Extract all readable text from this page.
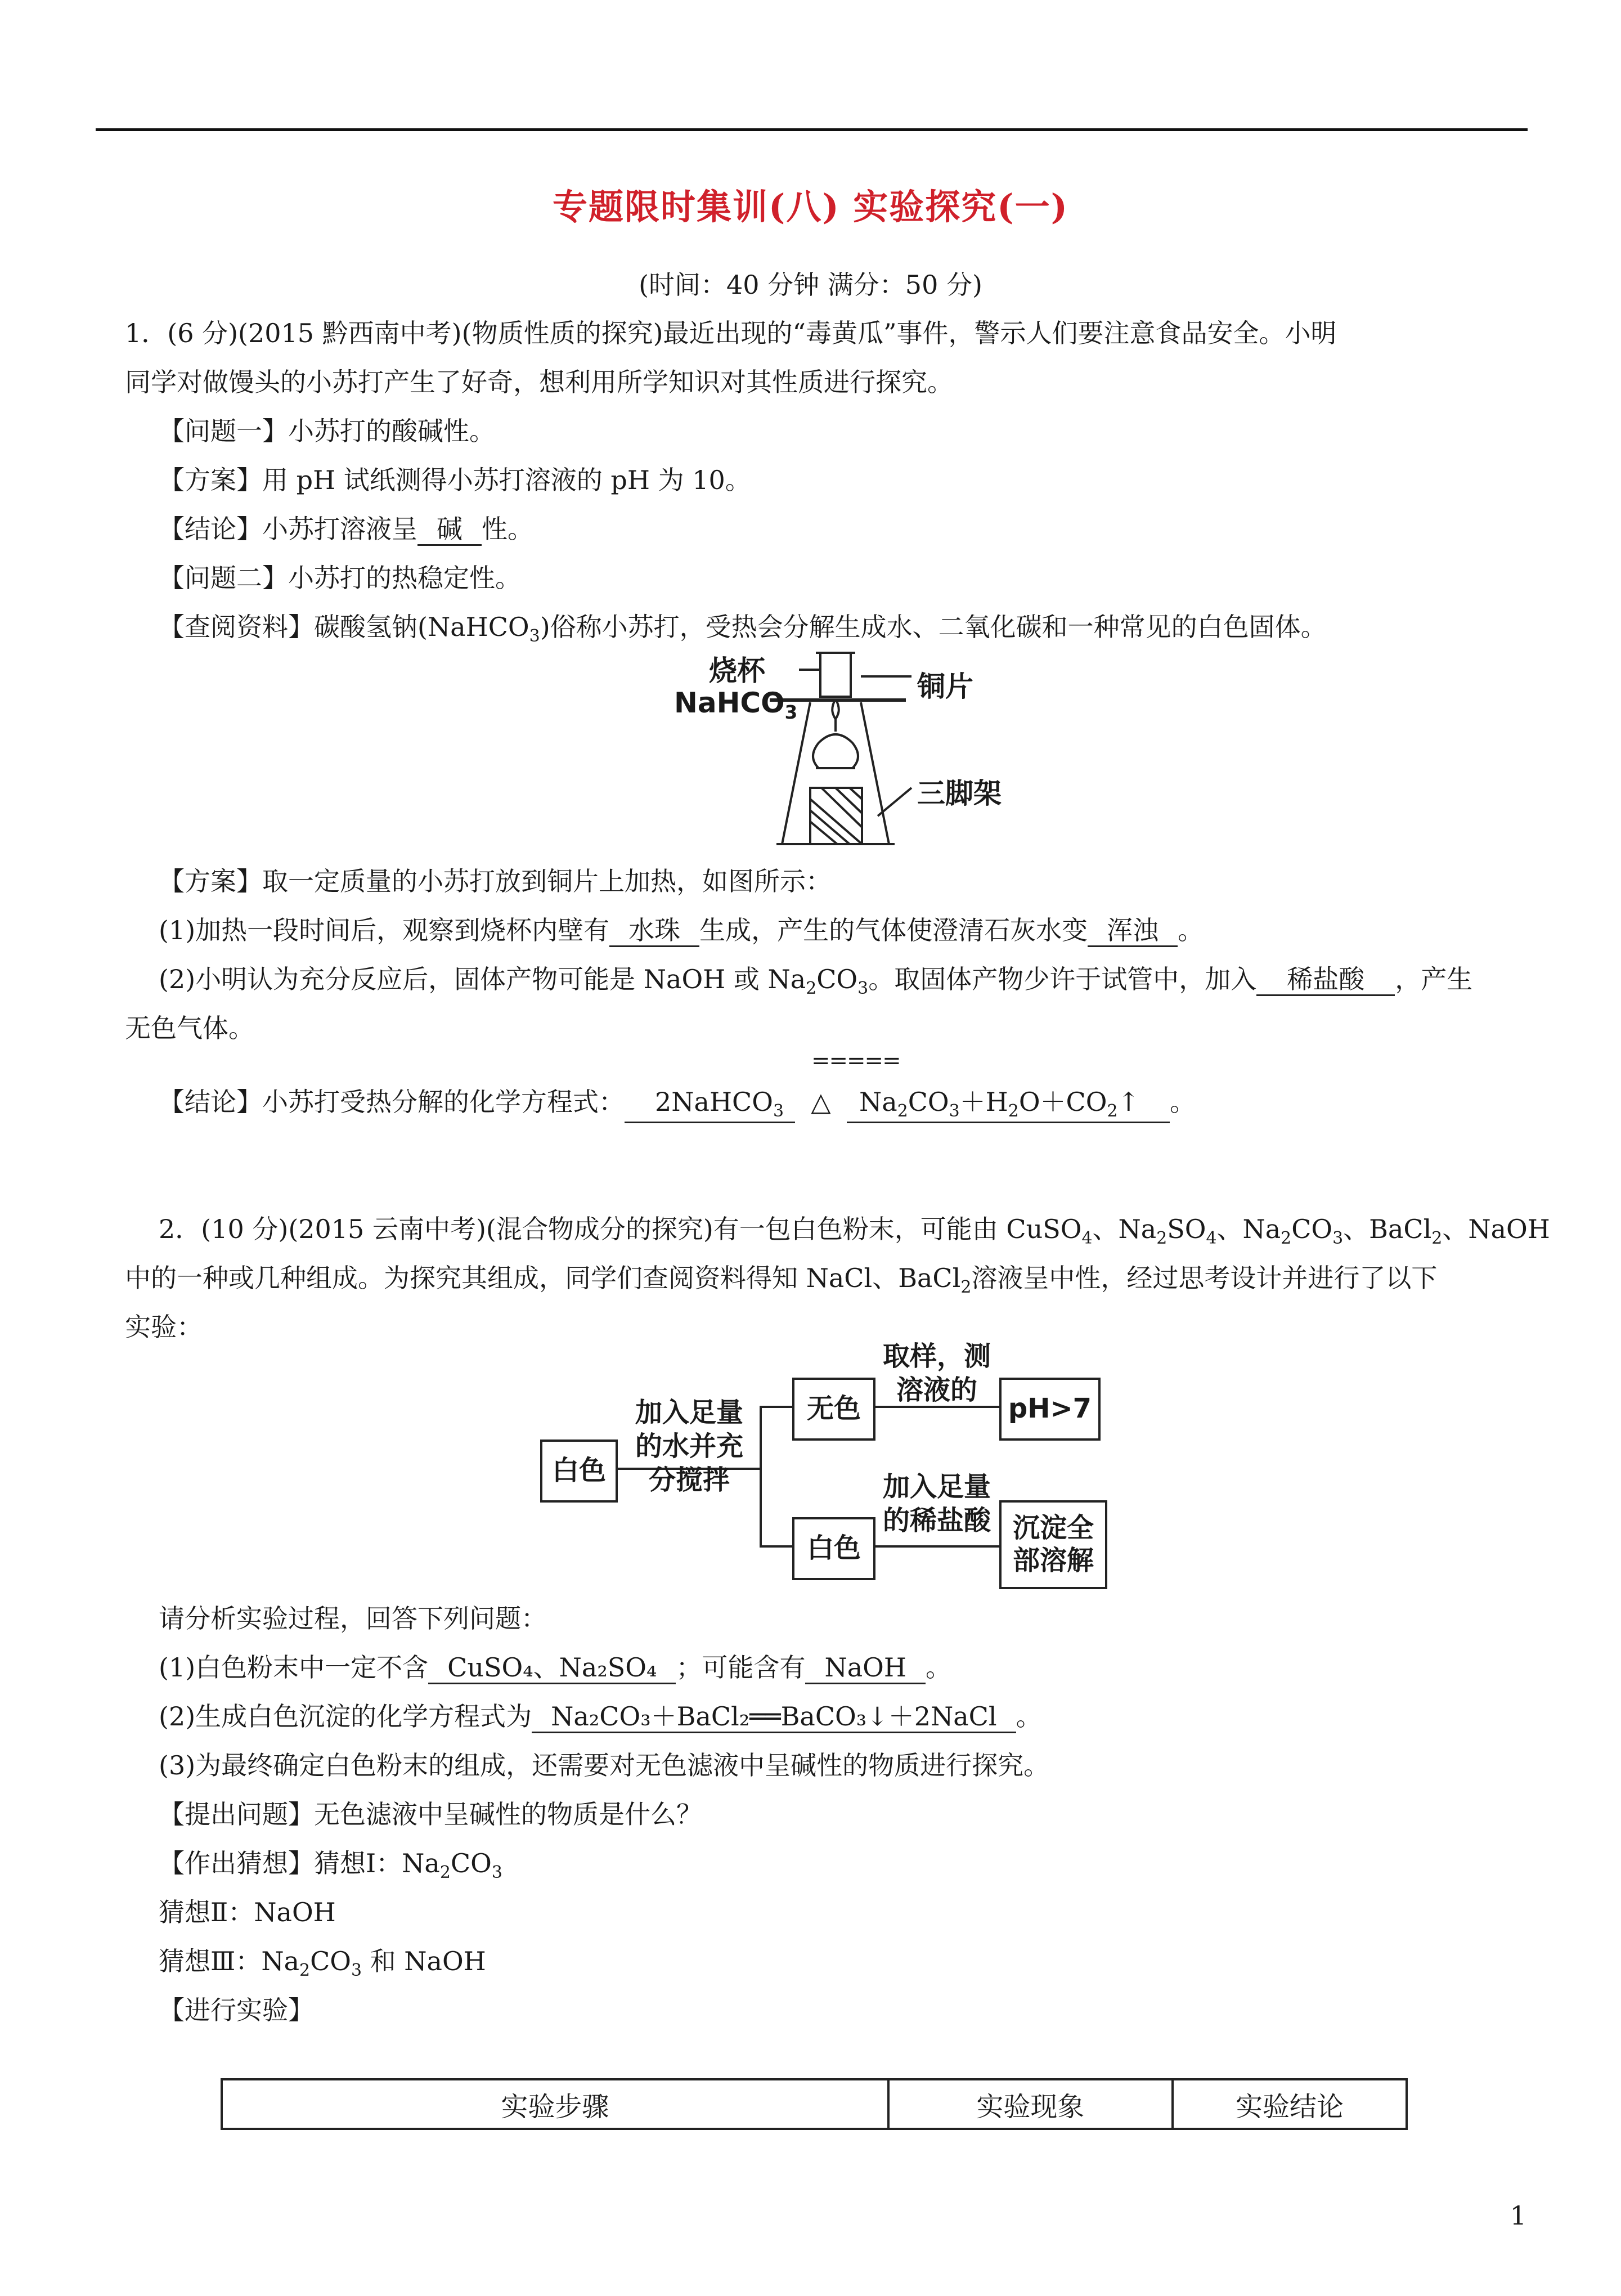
专题限时集训(八) 实验探究(一)
(时间：40 分钟 满分：50 分)
1．(6 分)(2015 黔西南中考)(物质性质的探究)最近出现的“毒黄瓜”事件，警示人们要注意食品安全。小明
同学对做馒头的小苏打产生了好奇，想利用所学知识对其性质进行探究。
【问题一】小苏打的酸碱性。
【方案】用 pH 试纸测得小苏打溶液的 pH 为 10。
【结论】小苏打溶液呈 碱 性。
【问题二】小苏打的热稳定性。
【查阅资料】碳酸氢钠(NaHCO$_3$)俗称小苏打，受热会分解生成水、二氧化碳和一种常见的白色固体。
烧杯
NaHCO$_3$
铜片
三脚架
【方案】取一定质量的小苏打放到铜片上加热，如图所示：
(1)加热一段时间后，观察到烧杯内壁有 水珠 生成，产生的气体使澄清石灰水变 浑浊 。
(2)小明认为充分反应后，固体产物可能是 NaOH 或 $Na_2CO_3$。取固体产物少许于试管中，加入 稀盐酸 ，产生
无色气体。
=====
【结论】小苏打受热分解的化学方程式： 2NaHCO$_3$ △ $Na_2CO_3+H_2O+CO_2↑$ 。
2．(10 分)(2015 云南中考)(混合物成分的探究)有一包白色粉末，可能由 CuSO$_4$、$Na_2SO_4$、$Na_2CO_3$、BaCl$_2$、NaOH
中的一种或几种组成。为探究其组成，同学们查阅资料得知 NaCl、BaCl$_2$溶液呈中性，经过思考设计并进行了以下
实验：
白色
无色
白色
pH>7
沉淀全
部溶解
加入足量
的水并充
分搅拌
取样，测
溶液的
加入足量
的稀盐酸
请分析实验过程，回答下列问题：
(1)白色粉末中一定不含 CuSO₄、Na₂SO₄ ；可能含有 NaOH 。
(2)生成白色沉淀的化学方程式为 Na₂CO₃＋BaCl₂══BaCO₃↓＋2NaCl 。
(3)为最终确定白色粉末的组成，还需要对无色滤液中呈碱性的物质进行探究。
【提出问题】无色滤液中呈碱性的物质是什么？
【作出猜想】猜想Ⅰ：$Na_2CO_3$
猜想Ⅱ：NaOH
猜想Ⅲ：$Na_2CO_3$ 和 NaOH
【进行实验】
实验步骤	实验现象	实验结论
1
